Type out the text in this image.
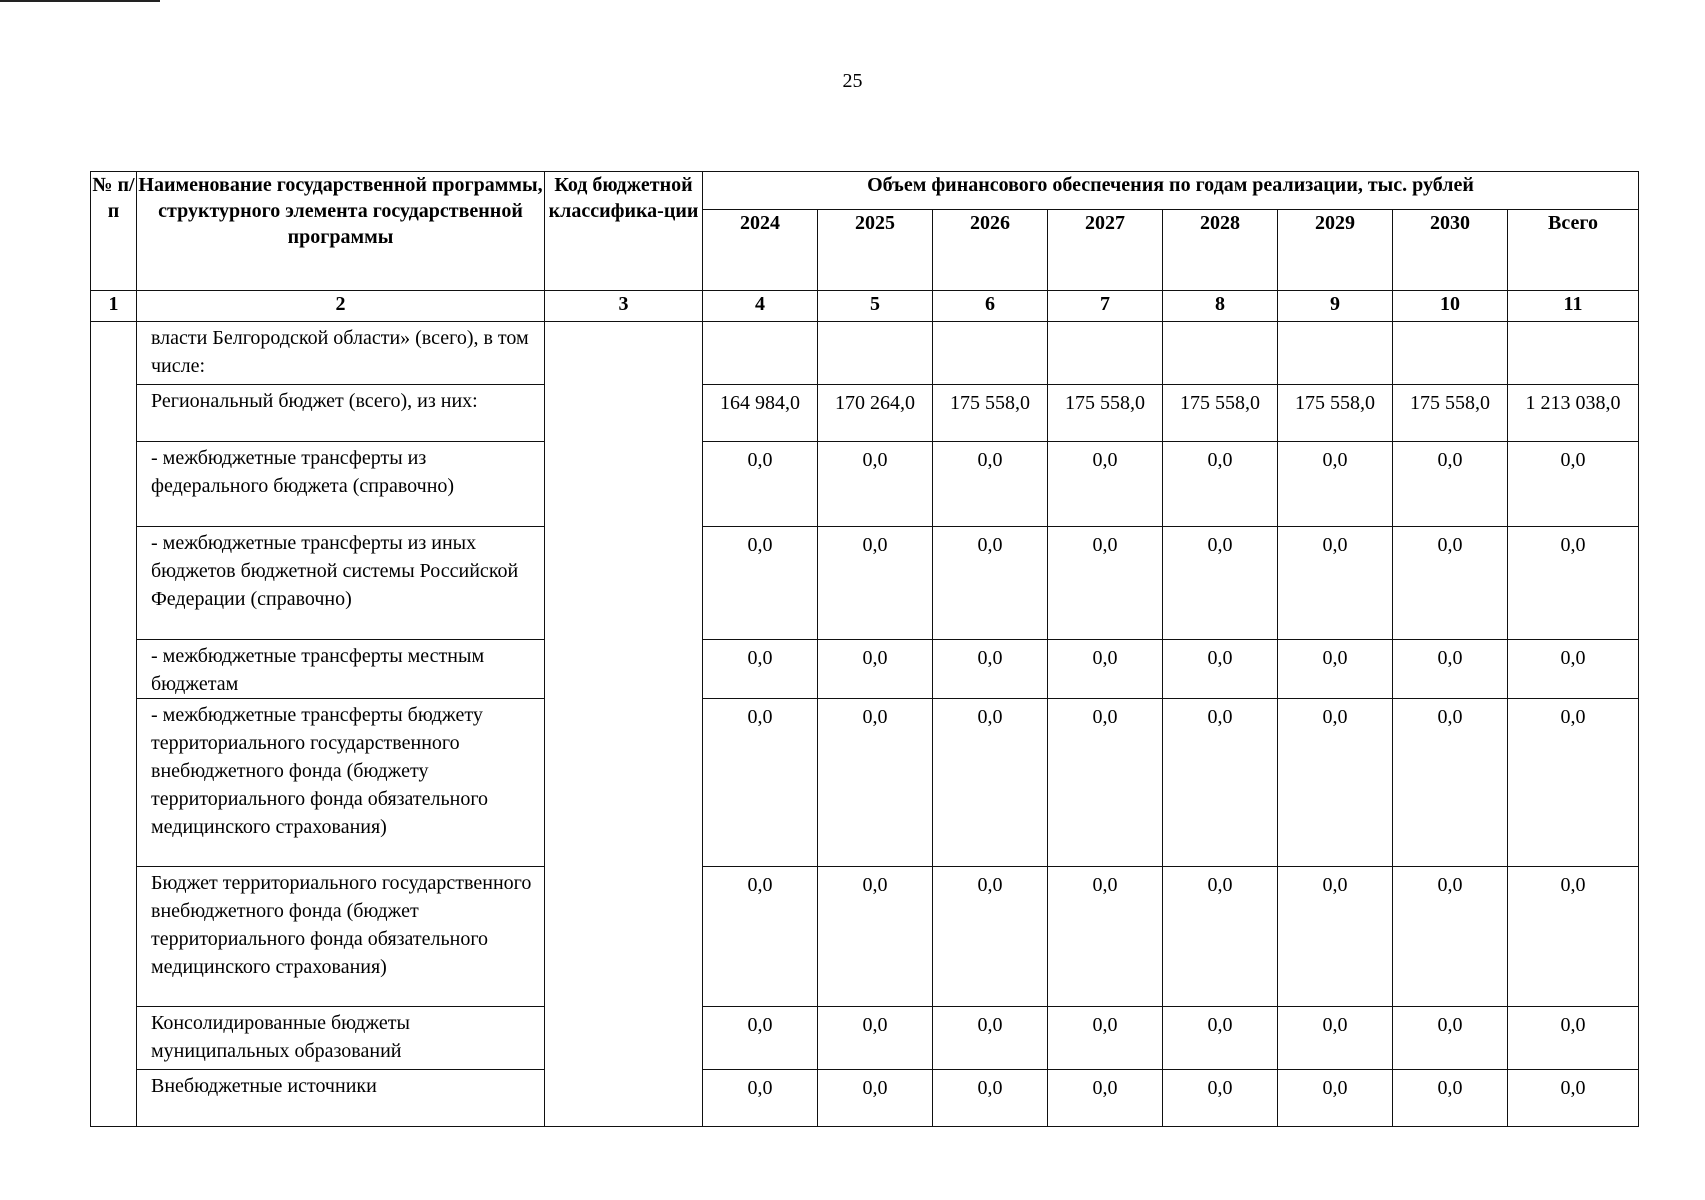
25
№ п/п	Наименование государственной программы, структурного элемента государственной программы	Код бюджетной классифика-ции	Объем финансового обеспечения по годам реализации, тыс. рублей							
			2024	2025	2026	2027	2028	2029	2030	Всего
1	2	3	4	5	6	7	8	9	10	11
	власти Белгородской области» (всего), в том числе:									
	Региональный бюджет (всего), из них:		164 984,0	170 264,0	175 558,0	175 558,0	175 558,0	175 558,0	175 558,0	1 213 038,0
	- межбюджетные трансферты из федерального бюджета (справочно)		0,0	0,0	0,0	0,0	0,0	0,0	0,0	0,0
	- межбюджетные трансферты из иных бюджетов бюджетной системы Российской Федерации (справочно)		0,0	0,0	0,0	0,0	0,0	0,0	0,0	0,0
	- межбюджетные трансферты местным бюджетам		0,0	0,0	0,0	0,0	0,0	0,0	0,0	0,0
	- межбюджетные трансферты бюджету территориального государственного внебюджетного фонда (бюджету территориального фонда обязательного медицинского страхования)		0,0	0,0	0,0	0,0	0,0	0,0	0,0	0,0
	Бюджет территориального государственного внебюджетного фонда (бюджет территориального фонда обязательного медицинского страхования)		0,0	0,0	0,0	0,0	0,0	0,0	0,0	0,0
	Консолидированные бюджеты муниципальных образований		0,0	0,0	0,0	0,0	0,0	0,0	0,0	0,0
	Внебюджетные источники		0,0	0,0	0,0	0,0	0,0	0,0	0,0	0,0
